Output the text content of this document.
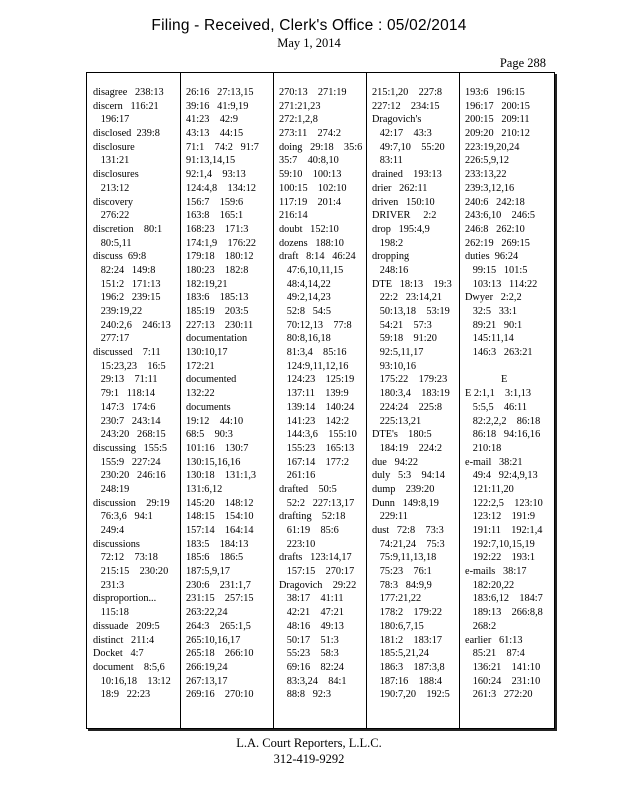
Filing - Received, Clerk's Office : 05/02/2014
May 1, 2014
Page 288
disagree   238:13
discern   116:21
196:17
disclosed  239:8
disclosure
131:21
disclosures
213:12
discovery
276:22
discretion    80:1
80:5,11
discuss  69:8
82:24   149:8
151:2   171:13
196:2   239:15
239:19,22
240:2,6    246:13
277:17
discussed    7:11
15:23,23    16:5
29:13    71:11
79:1   118:14
147:3   174:6
230:7   243:14
243:20   268:15
discussing   155:5
155:9   227:24
230:20   246:16
248:19
discussion    29:19
76:3,6   94:1
249:4
discussions
72:12    73:18
215:15    230:20
231:3
disproportion...
115:18
dissuade   209:5
distinct   211:4
Docket   4:7
document    8:5,6
10:16,18    13:12
18:9   22:23
26:16   27:13,15
39:16   41:9,19
41:23    42:9
43:13    44:15
71:1    74:2   91:7
91:13,14,15
92:1,4    93:13
124:4,8    134:12
156:7    159:6
163:8    165:1
168:23    171:3
174:1,9    176:22
179:18    180:12
180:23    182:8
182:19,21
183:6    185:13
185:19    203:5
227:13    230:11
documentation
130:10,17
172:21
documented
132:22
documents
19:12    44:10
68:5    90:3
101:16    130:7
130:15,16,16
130:18    131:1,3
131:6,12
145:20    148:12
148:15    154:10
157:14    164:14
183:5    184:13
185:6    186:5
187:5,9,17
230:6    231:1,7
231:15    257:15
263:22,24
264:3    265:1,5
265:10,16,17
265:18    266:10
266:19,24
267:13,17
269:16    270:10
270:13    271:19
271:21,23
272:1,2,8
273:11    274:2
doing   29:18    35:6
35:7    40:8,10
59:10    100:13
100:15    102:10
117:19    201:4
216:14
doubt   152:10
dozens   188:10
draft   8:14   46:24
47:6,10,11,15
48:4,14,22
49:2,14,23
52:8   54:5
70:12,13    77:8
80:8,16,18
81:3,4    85:16
124:9,11,12,16
124:23    125:19
137:11    139:9
139:14    140:24
141:23    142:2
144:3,6    155:10
155:23    165:13
167:14    177:2
261:16
drafted    50:5
52:2   227:13,17
drafting    52:18
61:19    85:6
223:10
drafts   123:14,17
157:15    270:17
Dragovich    29:22
38:17    41:11
42:21    47:21
48:16    49:13
50:17    51:3
55:23    58:3
69:16    82:24
83:3,24    84:1
88:8   92:3
215:1,20    227:8
227:12    234:15
Dragovich's
42:17    43:3
49:7,10    55:20
83:11
drained    193:13
drier   262:11
driven   150:10
DRIVER     2:2
drop   195:4,9
198:2
dropping
248:16
DTE   18:13    19:3
22:2   23:14,21
50:13,18    53:19
54:21    57:3
59:18    91:20
92:5,11,17
93:10,16
175:22    179:23
180:3,4    183:19
224:24    225:8
225:13,21
DTE's    180:5
184:19    224:2
due   94:22
duly   5:3    94:14
dump    239:20
Dunn   149:8,19
229:11
dust   72:8    73:3
74:21,24    75:3
75:9,11,13,18
75:23    76:1
78:3   84:9,9
177:21,22
178:2    179:22
180:6,7,15
181:2    183:17
185:5,21,24
186:3    187:3,8
187:16    188:4
190:7,20    192:5
193:6   196:15
196:17   200:15
200:15   209:11
209:20   210:12
223:19,20,24
226:5,9,12
233:13,22
239:3,12,16
240:6   242:18
243:6,10    246:5
246:8   262:10
262:19   269:15
duties  96:24
99:15   101:5
103:13   114:22
Dwyer   2:2,2
32:5   33:1
89:21   90:1
145:11,14
146:3   263:21
E
E 2:1,1    3:1,13
5:5,5    46:11
82:2,2,2    86:18
86:18   94:16,16
210:18
e-mail   38:21
49:4   92:4,9,13
121:11,20
122:2,5    123:10
123:12    191:9
191:11    192:1,4
192:7,10,15,19
192:22    193:1
e-mails   38:17
182:20,22
183:6,12    184:7
189:13    266:8,8
268:2
earlier   61:13
85:21    87:4
136:21    141:10
160:24    231:10
261:3   272:20
L.A. Court Reporters, L.L.C.
312-419-9292
